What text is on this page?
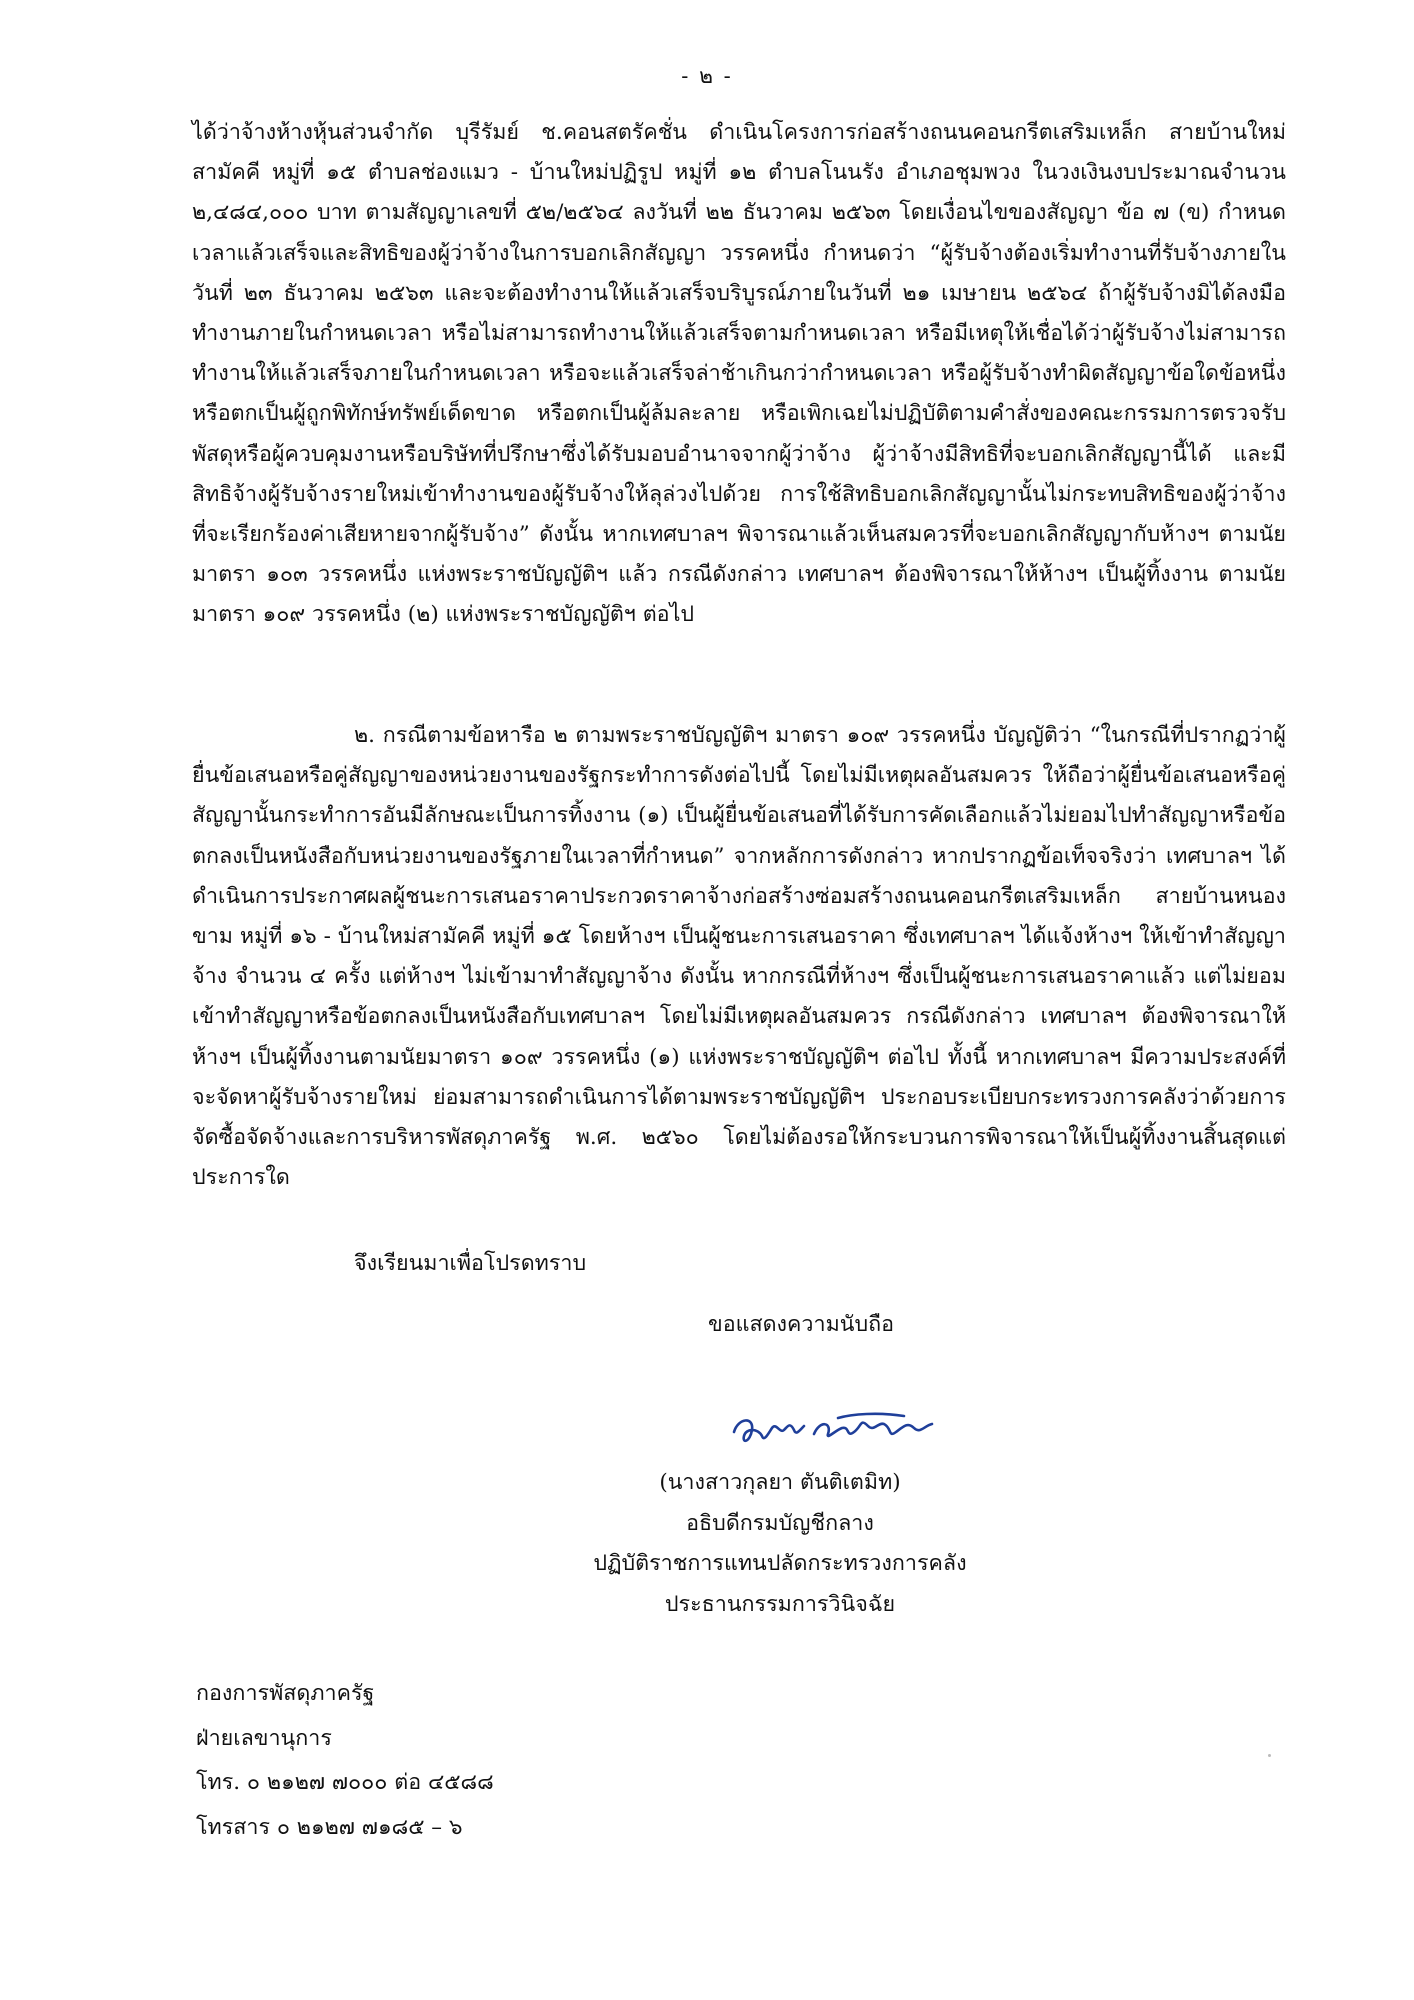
- ๒ -

ได้ว่าจ้างห้างหุ้นส่วนจำกัด บุรีรัมย์ ช.คอนสตรัคชั่น ดำเนินโครงการก่อสร้างถนนคอนกรีตเสริมเหล็ก สายบ้านใหม่สามัคคี หมู่ที่ ๑๕ ตำบลช่องแมว - บ้านใหม่ปฏิรูป หมู่ที่ ๑๒ ตำบลโนนรัง อำเภอชุมพวง ในวงเงินงบประมาณจำนวน ๒,๔๘๔,๐๐๐ บาท ตามสัญญาเลขที่ ๕๒/๒๕๖๔ ลงวันที่ ๒๒ ธันวาคม ๒๕๖๓ โดยเงื่อนไขของสัญญา ข้อ ๗ (ข) กำหนดเวลาแล้วเสร็จและสิทธิของผู้ว่าจ้างในการบอกเลิกสัญญา วรรคหนึ่ง กำหนดว่า “ผู้รับจ้างต้องเริ่มทำงานที่รับจ้างภายในวันที่ ๒๓ ธันวาคม ๒๕๖๓ และจะต้องทำงานให้แล้วเสร็จบริบูรณ์ภายในวันที่ ๒๑ เมษายน ๒๕๖๔ ถ้าผู้รับจ้างมิได้ลงมือทำงานภายในกำหนดเวลา หรือไม่สามารถทำงานให้แล้วเสร็จตามกำหนดเวลา หรือมีเหตุให้เชื่อได้ว่าผู้รับจ้างไม่สามารถทำงานให้แล้วเสร็จภายในกำหนดเวลา หรือจะแล้วเสร็จล่าช้าเกินกว่ากำหนดเวลา หรือผู้รับจ้างทำผิดสัญญาข้อใดข้อหนึ่ง หรือตกเป็นผู้ถูกพิทักษ์ทรัพย์เด็ดขาด หรือตกเป็นผู้ล้มละลาย หรือเพิกเฉยไม่ปฏิบัติตามคำสั่งของคณะกรรมการตรวจรับพัสดุหรือผู้ควบคุมงานหรือบริษัทที่ปรึกษาซึ่งได้รับมอบอำนาจจากผู้ว่าจ้าง ผู้ว่าจ้างมีสิทธิที่จะบอกเลิกสัญญานี้ได้ และมีสิทธิจ้างผู้รับจ้างรายใหม่เข้าทำงานของผู้รับจ้างให้ลุล่วงไปด้วย การใช้สิทธิบอกเลิกสัญญานั้นไม่กระทบสิทธิของผู้ว่าจ้างที่จะเรียกร้องค่าเสียหายจากผู้รับจ้าง” ดังนั้น หากเทศบาลฯ พิจารณาแล้วเห็นสมควรที่จะบอกเลิกสัญญากับห้างฯ ตามนัยมาตรา ๑๐๓ วรรคหนึ่ง แห่งพระราชบัญญัติฯ แล้ว กรณีดังกล่าว เทศบาลฯ ต้องพิจารณาให้ห้างฯ เป็นผู้ทิ้งงาน ตามนัยมาตรา ๑๐๙ วรรคหนึ่ง (๒) แห่งพระราชบัญญัติฯ ต่อไป

๒. กรณีตามข้อหารือ ๒ ตามพระราชบัญญัติฯ มาตรา ๑๐๙ วรรคหนึ่ง บัญญัติว่า “ในกรณีที่ปรากฏว่าผู้ยื่นข้อเสนอหรือคู่สัญญาของหน่วยงานของรัฐกระทำการดังต่อไปนี้ โดยไม่มีเหตุผลอันสมควร ให้ถือว่าผู้ยื่นข้อเสนอหรือคู่สัญญานั้นกระทำการอันมีลักษณะเป็นการทิ้งงาน (๑) เป็นผู้ยื่นข้อเสนอที่ได้รับการคัดเลือกแล้วไม่ยอมไปทำสัญญาหรือข้อตกลงเป็นหนังสือกับหน่วยงานของรัฐภายในเวลาที่กำหนด” จากหลักการดังกล่าว หากปรากฏข้อเท็จจริงว่า เทศบาลฯ ได้ดำเนินการประกาศผลผู้ชนะการเสนอราคาประกวดราคาจ้างก่อสร้างซ่อมสร้างถนนคอนกรีตเสริมเหล็ก สายบ้านหนองขาม หมู่ที่ ๑๖ - บ้านใหม่สามัคคี หมู่ที่ ๑๕ โดยห้างฯ เป็นผู้ชนะการเสนอราคา ซึ่งเทศบาลฯ ได้แจ้งห้างฯ ให้เข้าทำสัญญาจ้าง จำนวน ๔ ครั้ง แต่ห้างฯ ไม่เข้ามาทำสัญญาจ้าง ดังนั้น หากกรณีที่ห้างฯ ซึ่งเป็นผู้ชนะการเสนอราคาแล้ว แต่ไม่ยอมเข้าทำสัญญาหรือข้อตกลงเป็นหนังสือกับเทศบาลฯ โดยไม่มีเหตุผลอันสมควร กรณีดังกล่าว เทศบาลฯ ต้องพิจารณาให้ห้างฯ เป็นผู้ทิ้งงานตามนัยมาตรา ๑๐๙ วรรคหนึ่ง (๑) แห่งพระราชบัญญัติฯ ต่อไป ทั้งนี้ หากเทศบาลฯ มีความประสงค์ที่จะจัดหาผู้รับจ้างรายใหม่ ย่อมสามารถดำเนินการได้ตามพระราชบัญญัติฯ ประกอบระเบียบกระทรวงการคลังว่าด้วยการจัดซื้อจัดจ้างและการบริหารพัสดุภาครัฐ พ.ศ. ๒๕๖๐ โดยไม่ต้องรอให้กระบวนการพิจารณาให้เป็นผู้ทิ้งงานสิ้นสุดแต่ประการใด

จึงเรียนมาเพื่อโปรดทราบ
ขอแสดงความนับถือ
(นางสาวกุลยา ตันติเตมิท)
อธิบดีกรมบัญชีกลาง
ปฏิบัติราชการแทนปลัดกระทรวงการคลัง
ประธานกรรมการวินิจฉัย
กองการพัสดุภาครัฐ
ฝ่ายเลขานุการ
โทร. ๐ ๒๑๒๗ ๗๐๐๐ ต่อ ๔๕๘๘
โทรสาร ๐ ๒๑๒๗ ๗๑๘๕ – ๖
